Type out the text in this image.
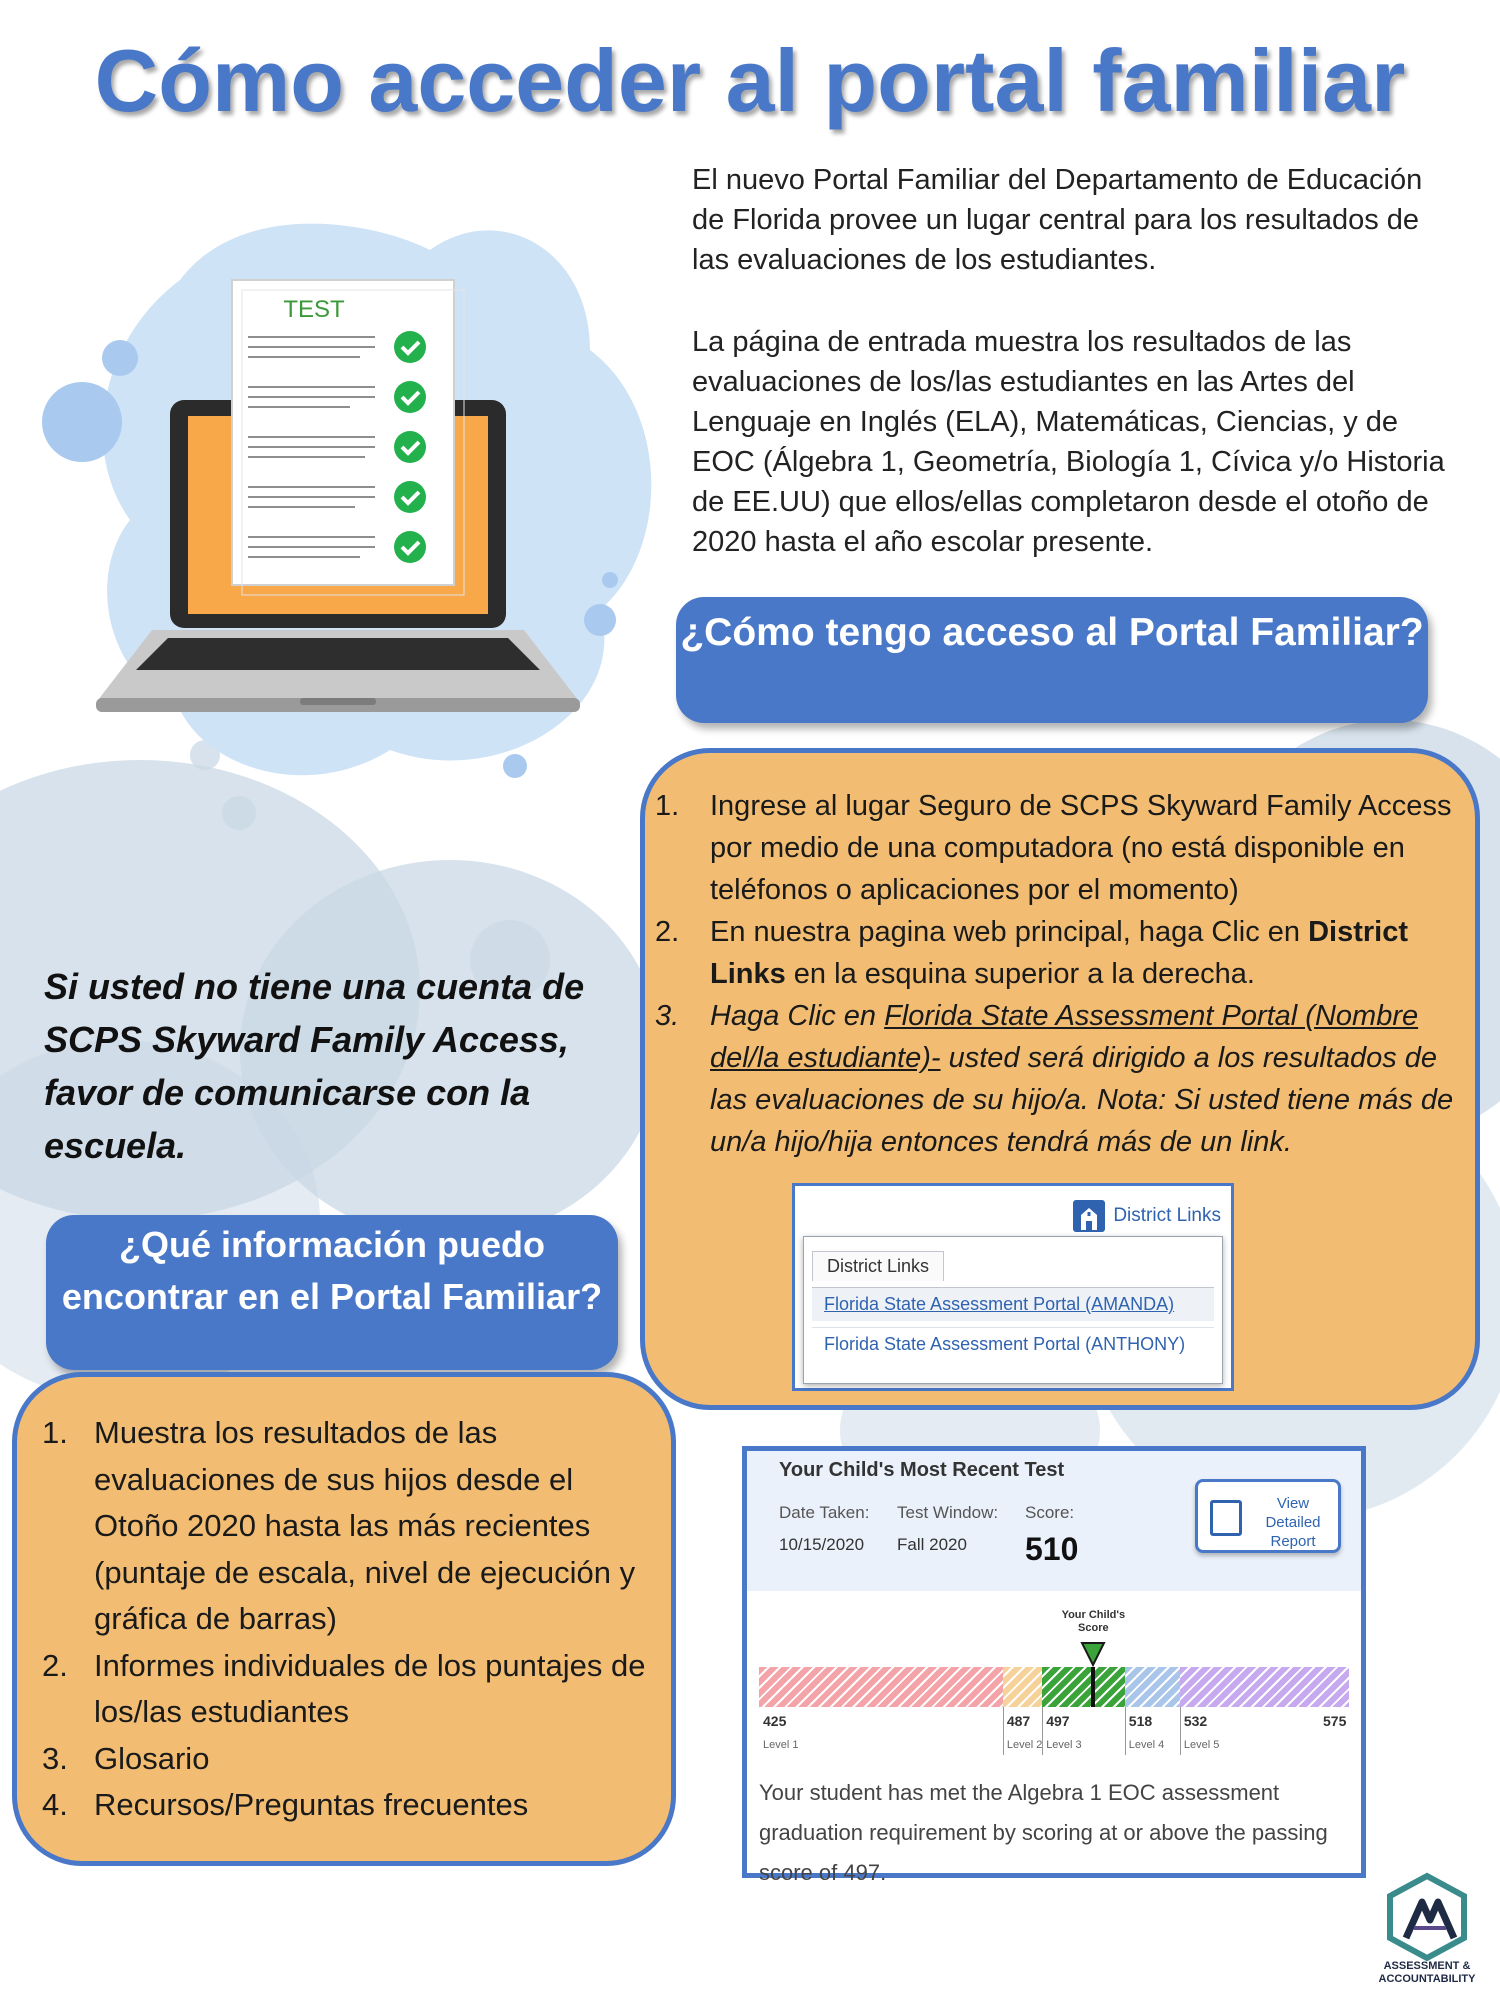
Cómo acceder al portal familiar
TEST

El nuevo Portal Familiar del Departamento de Educación de Florida provee un lugar central para los resultados de las evaluaciones de los estudiantes.

La página de entrada muestra los resultados de las evaluaciones de los/las estudiantes en las Artes del Lenguaje en Inglés (ELA), Matemáticas, Ciencias, y de EOC (Álgebra 1, Geometría, Biología 1, Cívica y/o Historia de EE.UU) que ellos/ellas completaron desde el otoño de 2020 hasta el año escolar presente.

¿Cómo tengo acceso al Portal Familiar?
1. Ingrese al lugar Seguro de SCPS Skyward Family Access por medio de una computadora (no está disponible en teléfonos o aplicaciones por el momento)
2. En nuestra pagina web principal, haga Clic en District Links en la esquina superior a la derecha.
3. Haga Clic en Florida State Assessment Portal (Nombre del/la estudiante)- usted será dirigido a los resultados de las evaluaciones de su hijo/a. Nota: Si usted tiene más de un/a hijo/hija entonces tendrá más de un link.
District Links
District Links
Florida State Assessment Portal (AMANDA)
Florida State Assessment Portal (ANTHONY)

Si usted no tiene una cuenta de SCPS Skyward Family Access, favor de comunicarse con la escuela.

¿Qué información puedo encontrar en el Portal Familiar?
1. Muestra los resultados de las evaluaciones de sus hijos desde el Otoño 2020 hasta las más recientes (puntaje de escala, nivel de ejecución y gráfica de barras)
2. Informes individuales de los puntajes de los/las estudiantes
3. Glosario
4. Recursos/Preguntas frecuentes
Your Child's Most Recent Test
Date Taken:
10/15/2020
Test Window:
Fall 2020
Score:
510
View Detailed Report
Your Child's Score
Level 1	Level 2 Level 3	Level 4 Level 5
425	487 497	518 532	575
Your student has met the Algebra 1 EOC assessment graduation requirement by scoring at or above the passing score of 497.
ASSESSMENT & ACCOUNTABILITY
